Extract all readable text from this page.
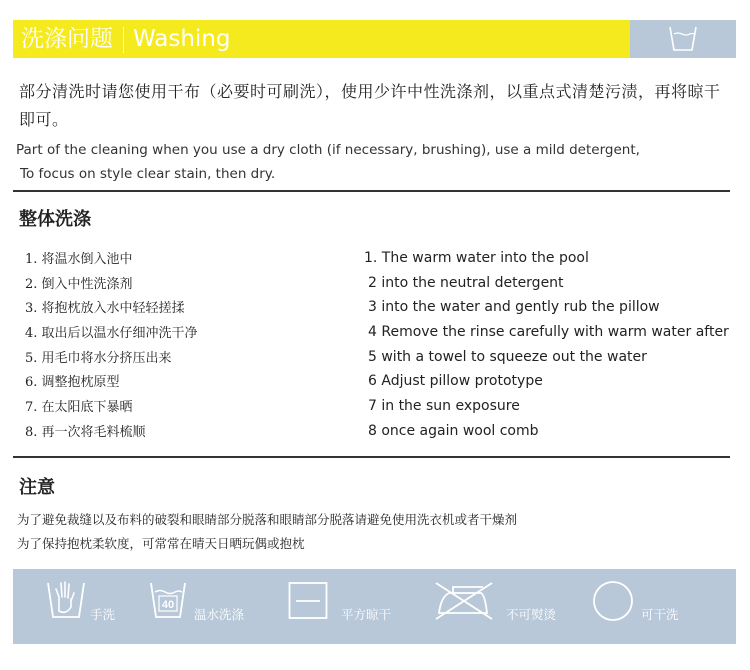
洗涤问题 Washing
部分清洗时请您使用干布（必要时可刷洗），使用少许中性洗涤剂，以重点式清楚污渍，再将晾干即可。
Part of the cleaning when you use a dry cloth (if necessary, brushing), use a mild detergent,
To focus on style clear stain, then dry.
整体洗涤
1. 将温水倒入池中
2. 倒入中性洗涤剂
3. 将抱枕放入水中轻轻搓揉
4. 取出后以温水仔细冲洗干净
5. 用毛巾将水分挤压出来
6. 调整抱枕原型
7. 在太阳底下暴晒
8. 再一次将毛料梳顺
1. The warm water into the pool
2 into the neutral detergent
3 into the water and gently rub the pillow
4 Remove the rinse carefully with warm water after
5 with a towel to squeeze out the water
6 Adjust pillow prototype
7 in the sun exposure
8 once again wool comb
注意
为了避免裁缝以及布料的破裂和眼睛部分脱落和眼睛部分脱落请避免使用洗衣机或者干燥剂
为了保持抱枕柔软度，可常常在晴天日晒玩偶或抱枕
手洗
40
温水洗涤	平方晾干	不可熨烫	可干洗
